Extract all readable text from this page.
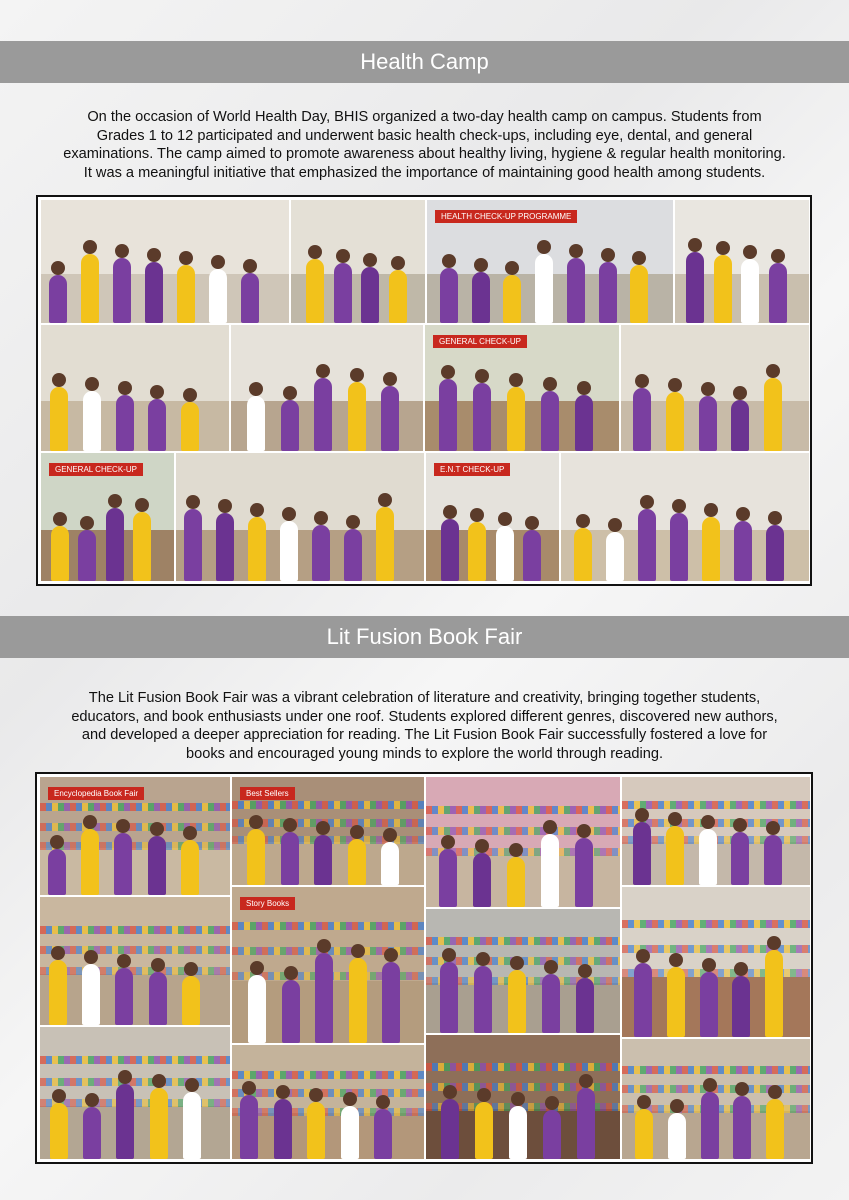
Health Camp
On the occasion of World Health Day, BHIS organized a two-day health camp on campus. Students from
Grades 1 to 12 participated and underwent basic health check-ups, including eye, dental, and general
examinations. The camp aimed to promote awareness about healthy living, hygiene & regular health monitoring.
It was a meaningful initiative that emphasized the importance of maintaining good health among students.
HEALTH CHECK-UP PROGRAMME
GENERAL CHECK-UP
GENERAL CHECK-UP	E.N.T CHECK-UP
Lit Fusion Book Fair
The Lit Fusion Book Fair was a vibrant celebration of literature and creativity, bringing together students,
educators, and book enthusiasts under one roof. Students explored different genres, discovered new authors,
and developed a deeper appreciation for reading. The Lit Fusion Book Fair successfully fostered a love for
books and encouraged young minds to explore the world through reading.
Encyclopedia Book Fair	Best Sellers
Story Books
